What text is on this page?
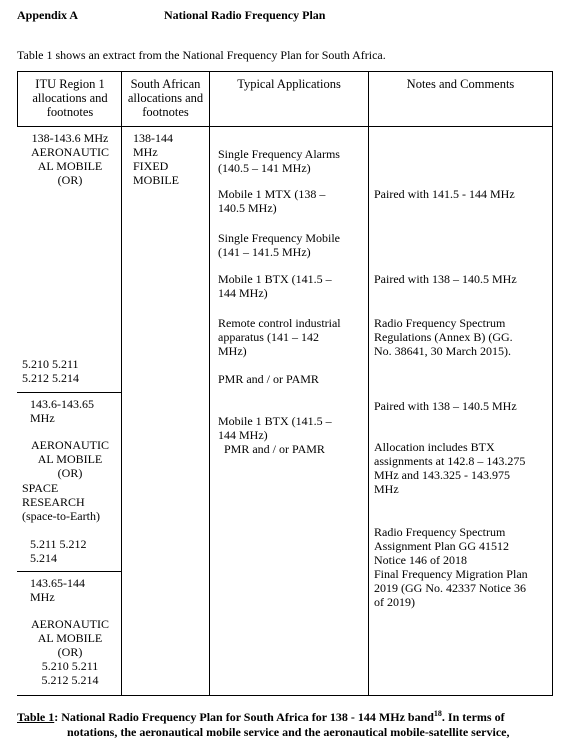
Appendix A	National Radio Frequency Plan
Table 1 shows an extract from the National Frequency Plan for South Africa.
ITU Region 1
allocations and
footnotes
South African
allocations and
footnotes
Typical Applications	Notes and Comments
138-143.6 MHz
AERONAUTIC
AL MOBILE
(OR)
5.210 5.211
5.212 5.214
143.6-143.65
MHz
AERONAUTIC
AL MOBILE
(OR)
SPACE
RESEARCH
(space-to-Earth)
5.211 5.212
5.214
143.65-144
MHz
AERONAUTIC
AL MOBILE
(OR)
5.210 5.211
5.212 5.214
138-144
MHz
FIXED
MOBILE
Single Frequency Alarms
(140.5 – 141 MHz)
Mobile 1 MTX (138 –
140.5 MHz)
Single Frequency Mobile
(141 – 141.5 MHz)
Mobile 1 BTX (141.5 –
144 MHz)
Remote control industrial
apparatus (141 – 142
MHz)
PMR and / or PAMR
Mobile 1 BTX (141.5 –
144 MHz)
PMR and / or PAMR
Paired with 141.5 - 144 MHz
Paired with 138 – 140.5 MHz
Radio Frequency Spectrum
Regulations (Annex B) (GG.
No. 38641, 30 March 2015).
Paired with 138 – 140.5 MHz
Allocation includes BTX
assignments at 142.8 – 143.275
MHz and 143.325 - 143.975
MHz
Radio Frequency Spectrum
Assignment Plan GG 41512
Notice 146 of 2018
Final Frequency Migration Plan
2019 (GG No. 42337 Notice 36
of 2019)
Table 1: National Radio Frequency Plan for South Africa for 138 - 144 MHz band$^{18}$. In terms of
notations, the aeronautical mobile service and the aeronautical mobile-satellite service,
